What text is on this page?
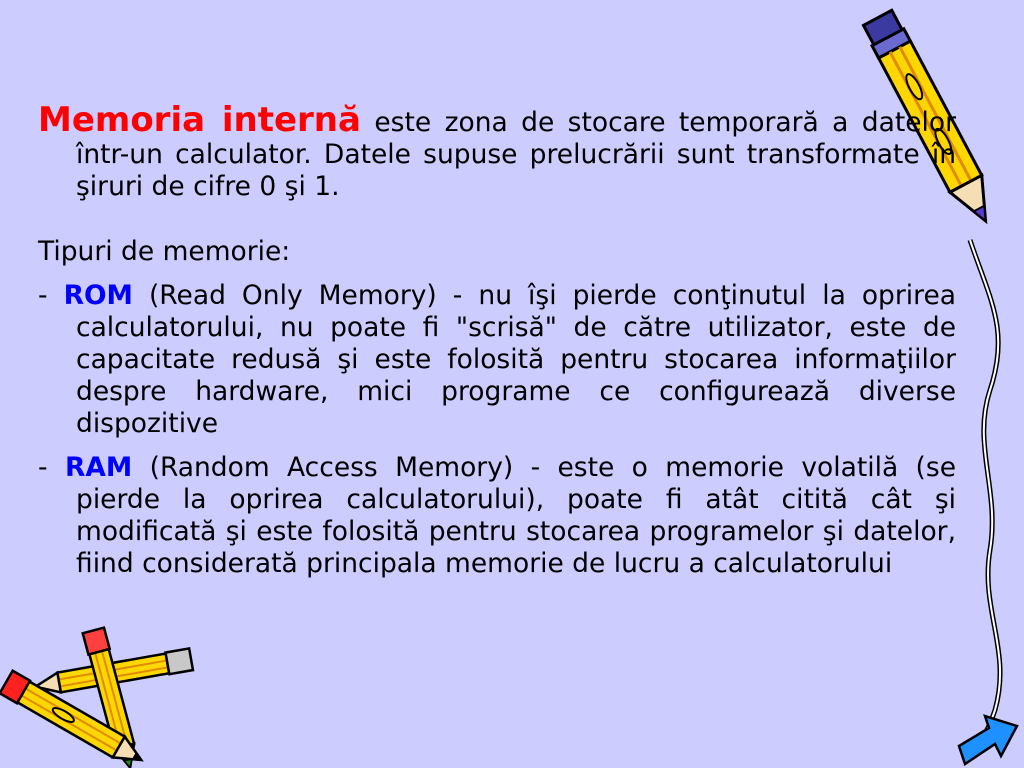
Memoria internă este zona de stocare temporară a datelor într-un calculator. Datele supuse prelucrării sunt transformate în şiruri de cifre 0 şi 1.
Tipuri de memorie:
- ROM (Read Only Memory) - nu îşi pierde conţinutul la oprirea calculatorului, nu poate fi "scrisă" de către utilizator, este de capacitate redusă şi este folosită pentru stocarea informaţiilor despre hardware, mici programe ce configurează diverse dispozitive
- RAM (Random Access Memory) - este o memorie volatilă (se pierde la oprirea calculatorului), poate fi atât citită cât şi modificată şi este folosită pentru stocarea programelor şi datelor, fiind considerată principala memorie de lucru a calculatorului
